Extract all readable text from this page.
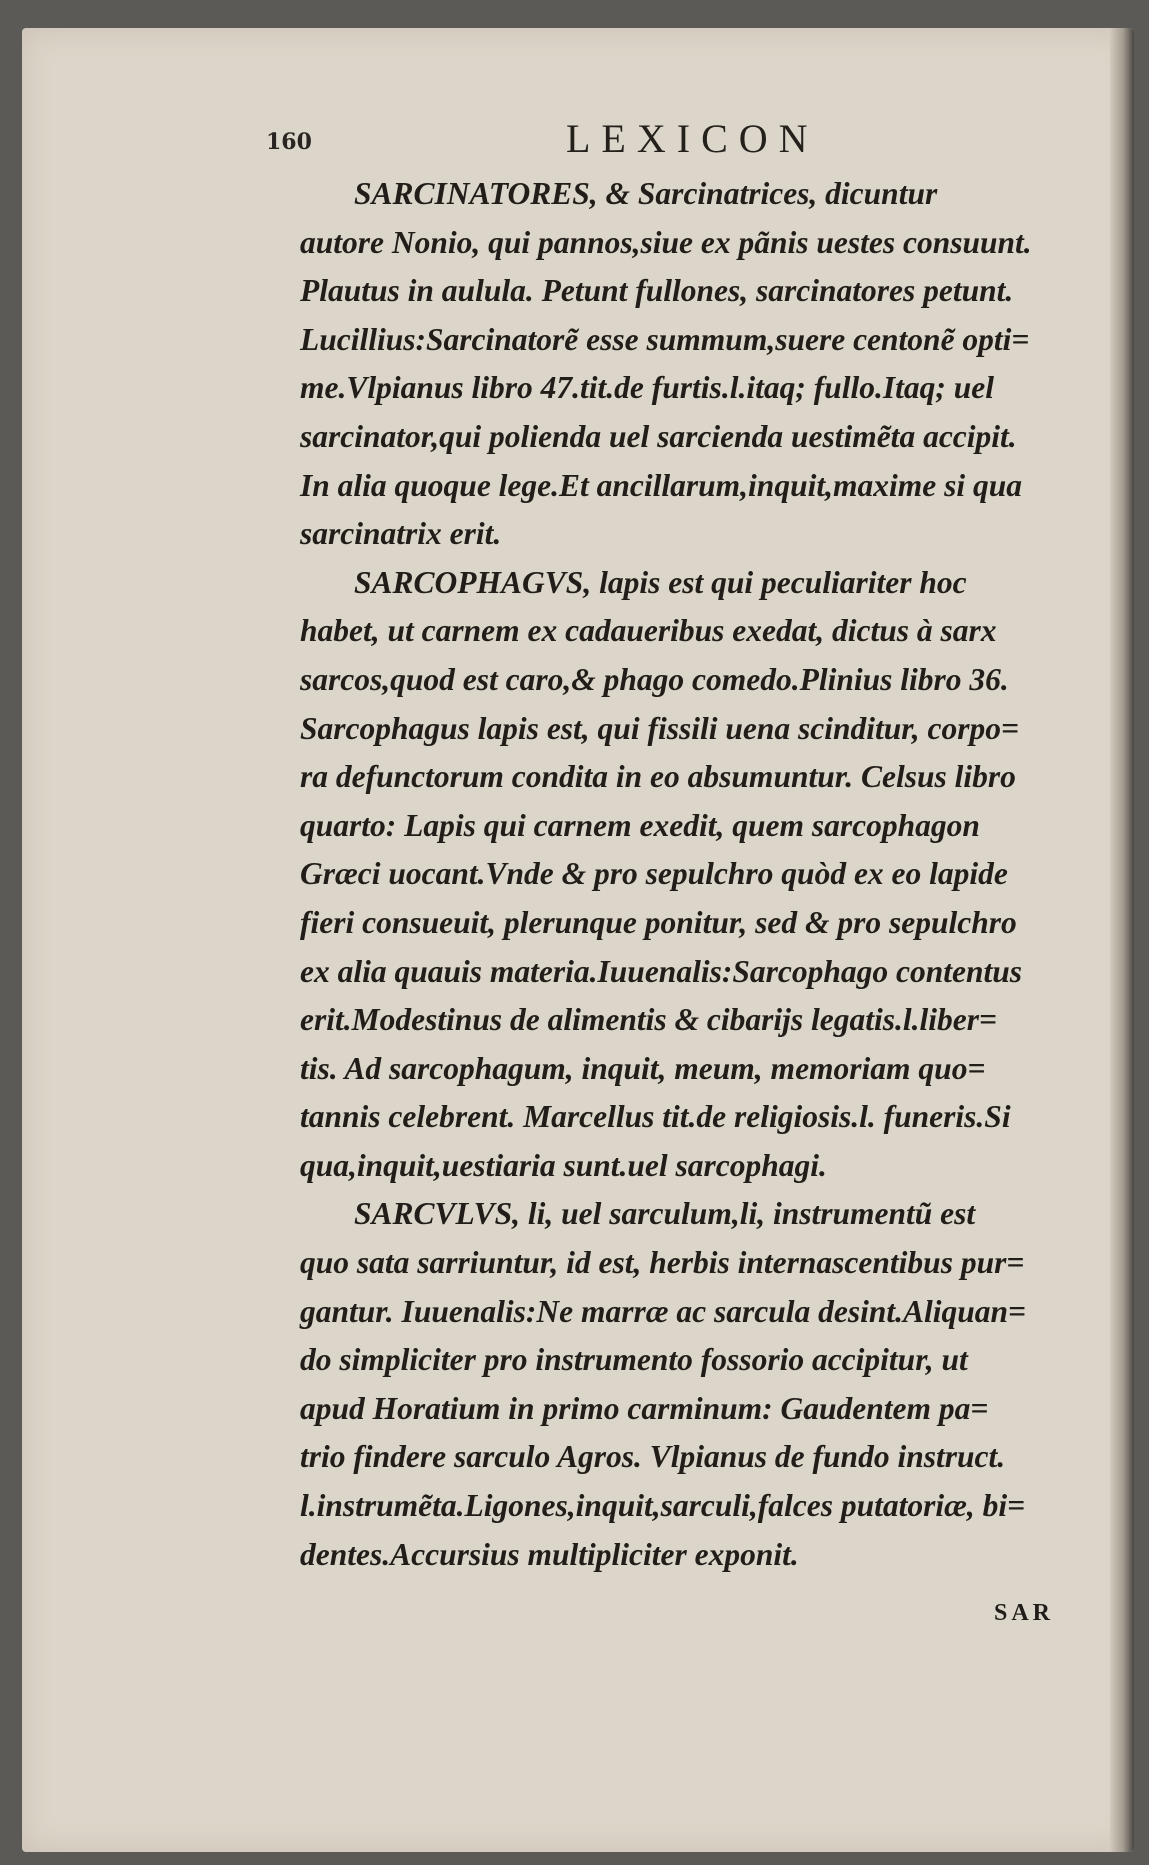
160	LEXICON
SARCINATORES, & Sarcinatrices, dicuntur
autore Nonio, qui pannos,siue ex pãnis uestes consuunt.
Plautus in aulula. Petunt fullones, sarcinatores petunt.
Lucillius:Sarcinatorẽ esse summum,suere centonẽ opti=
me.Vlpianus libro 47.tit.de furtis.l.itaq; fullo.Itaq; uel
sarcinator,qui polienda uel sarcienda uestimẽta accipit.
In alia quoque lege.Et ancillarum,inquit,maxime si qua
sarcinatrix erit.
SARCOPHAGVS, lapis est qui peculiariter hoc
habet, ut carnem ex cadaueribus exedat, dictus à sarx
sarcos,quod est caro,& phago comedo.Plinius libro 36.
Sarcophagus lapis est, qui fissili uena scinditur, corpo=
ra defunctorum condita in eo absumuntur. Celsus libro
quarto: Lapis qui carnem exedit, quem sarcophagon
Græci uocant.Vnde & pro sepulchro quòd ex eo lapide
fieri consueuit, plerunque ponitur, sed & pro sepulchro
ex alia quauis materia.Iuuenalis:Sarcophago contentus
erit.Modestinus de alimentis & cibarijs legatis.l.liber=
tis. Ad sarcophagum, inquit, meum, memoriam quo=
tannis celebrent. Marcellus tit.de religiosis.l. funeris.Si
qua,inquit,uestiaria sunt.uel sarcophagi.
SARCVLVS, li, uel sarculum,li, instrumentũ est
quo sata sarriuntur, id est, herbis internascentibus pur=
gantur. Iuuenalis:Ne marræ ac sarcula desint.Aliquan=
do simpliciter pro instrumento fossorio accipitur, ut
apud Horatium in primo carminum: Gaudentem pa=
trio findere sarculo Agros. Vlpianus de fundo instruct.
l.instrumẽta.Ligones,inquit,sarculi,falces putatoriæ, bi=
dentes.Accursius multipliciter exponit.
SAR
